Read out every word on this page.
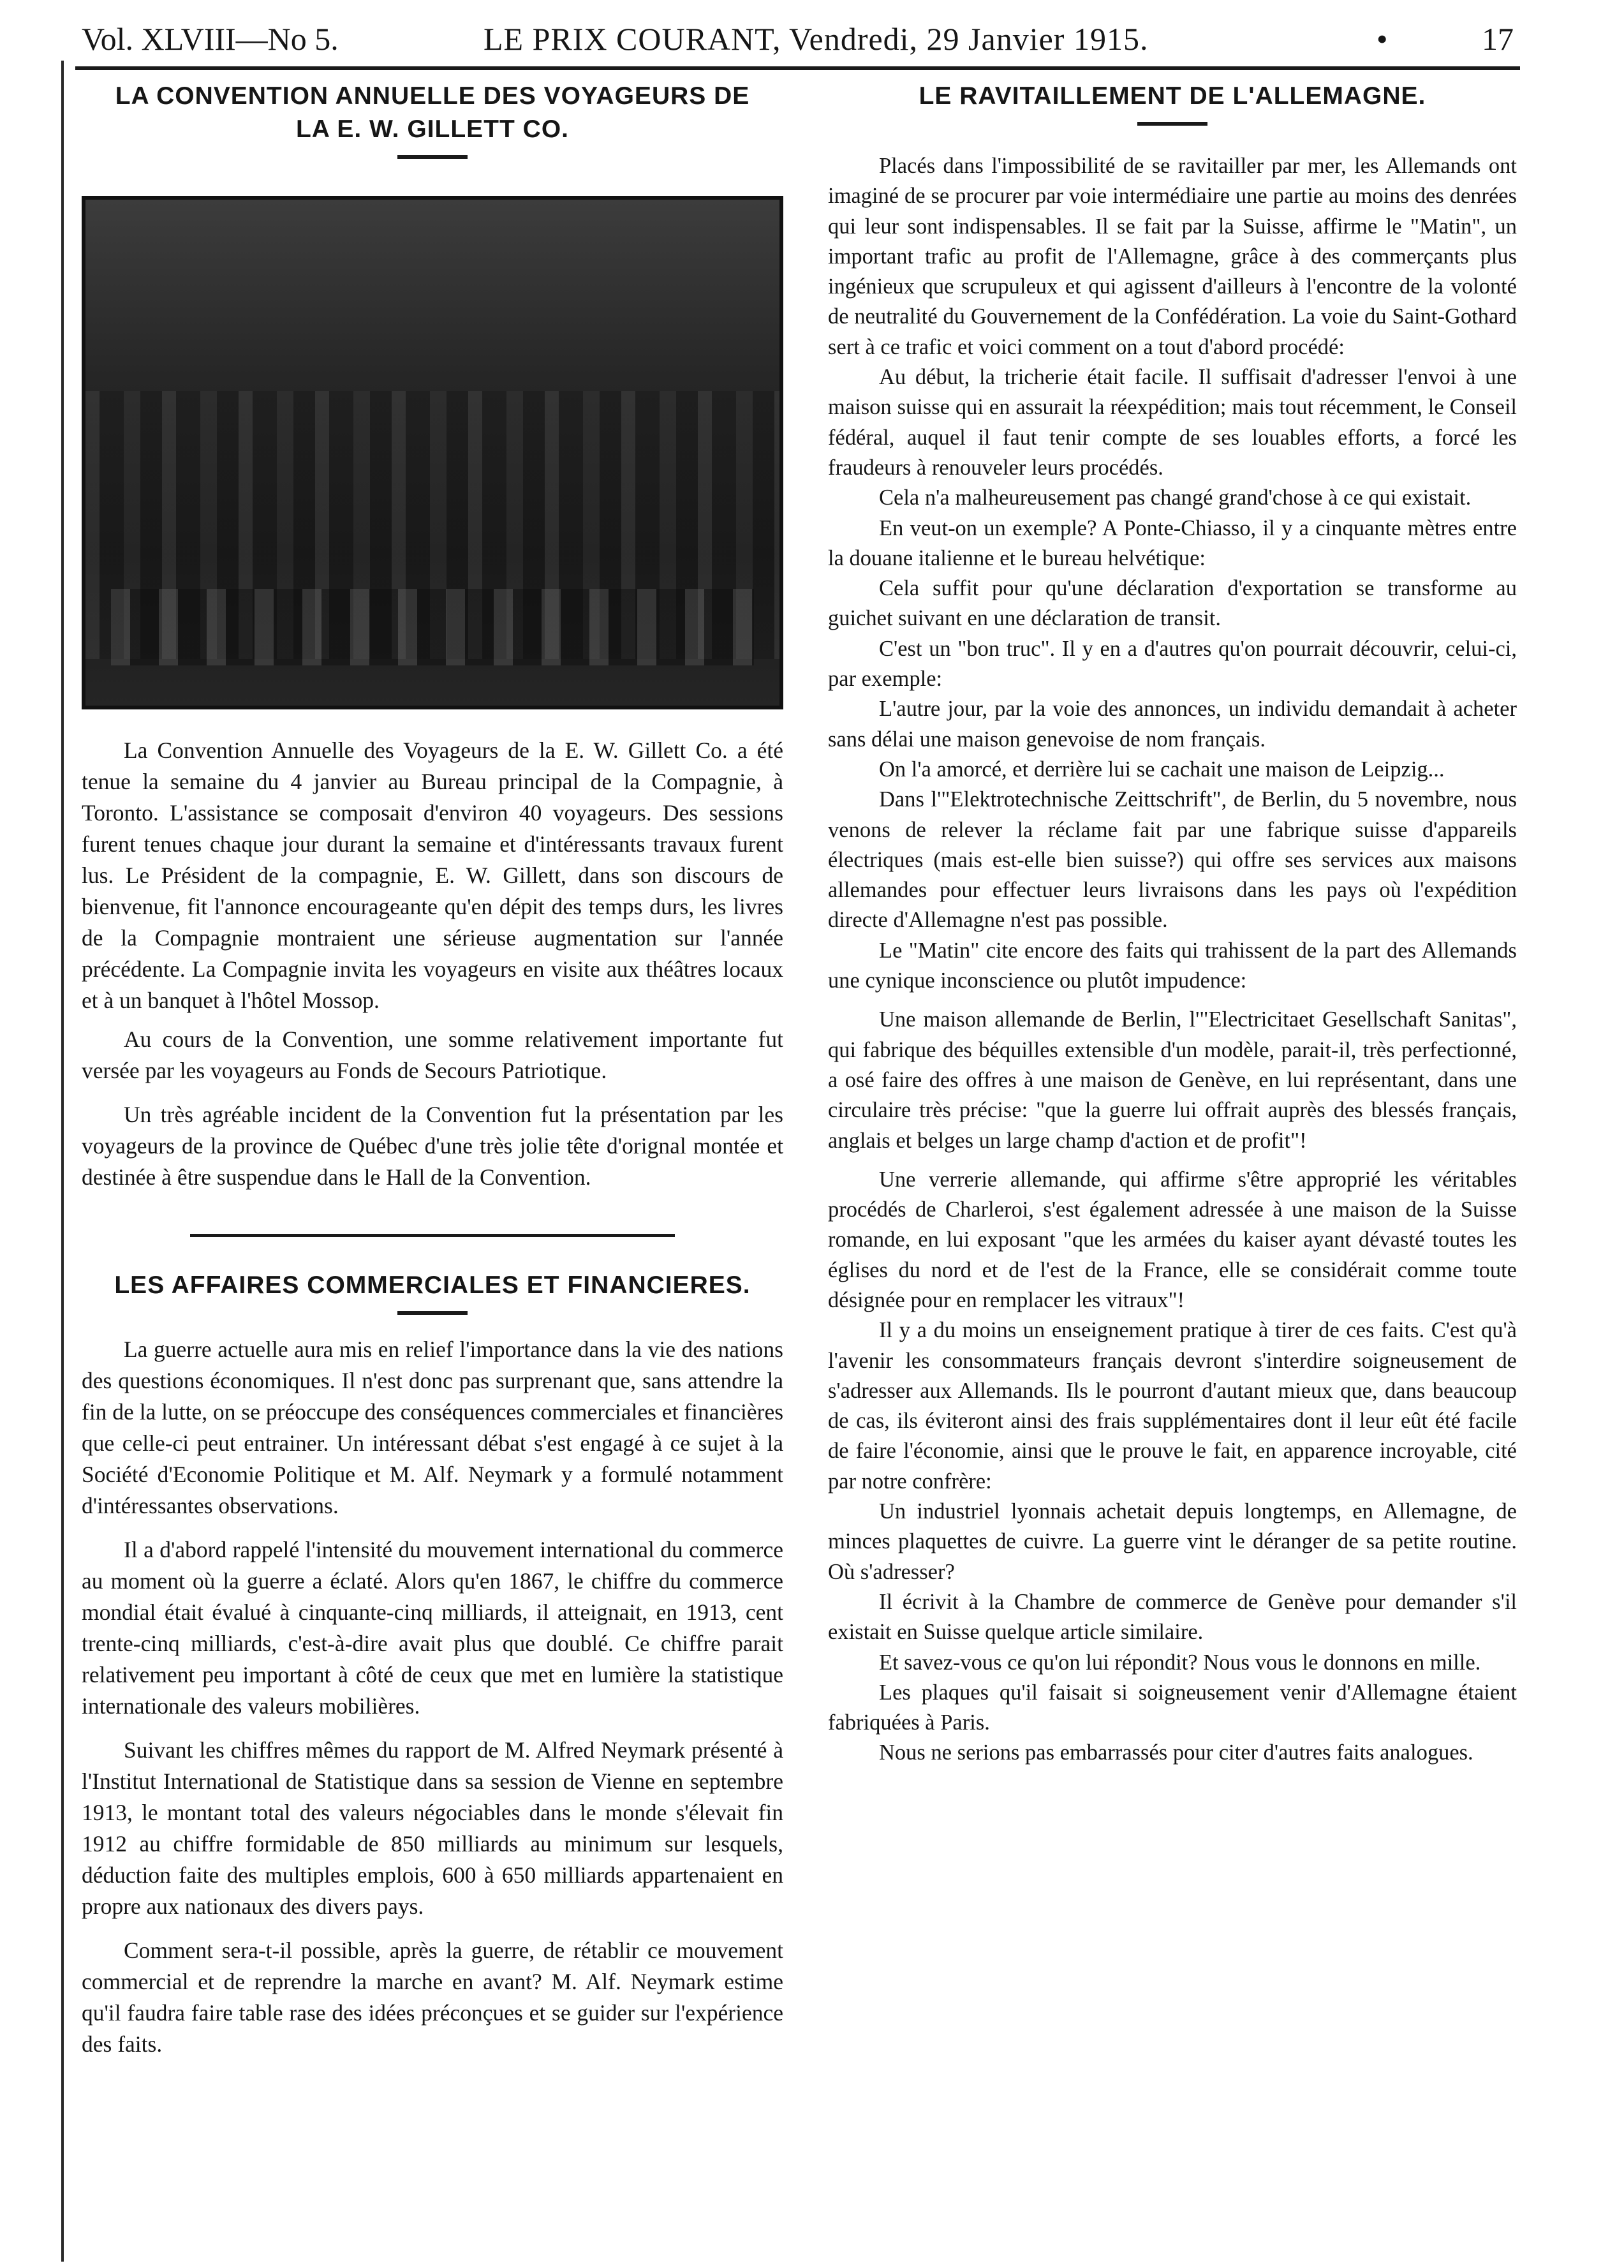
Vol. XLVIII—No 5.	LE PRIX COURANT, Vendredi, 29 Janvier 1915.	•	17
LA CONVENTION ANNUELLE DES VOYAGEURS DE
LA E. W. GILLETT CO.

La Convention Annuelle des Voyageurs de la E. W. Gillett Co. a été tenue la semaine du 4 janvier au Bureau principal de la Compagnie, à Toronto. L'assistance se composait d'environ 40 voyageurs. Des sessions furent tenues chaque jour durant la semaine et d'intéressants travaux furent lus. Le Président de la compagnie, E. W. Gillett, dans son discours de bienvenue, fit l'annonce encourageante qu'en dépit des temps durs, les livres de la Compagnie montraient une sérieuse augmentation sur l'année précédente. La Compagnie invita les voyageurs en visite aux théâtres locaux et à un banquet à l'hôtel Mossop.

Au cours de la Convention, une somme relativement importante fut versée par les voyageurs au Fonds de Secours Patriotique.

Un très agréable incident de la Convention fut la présentation par les voyageurs de la province de Québec d'une très jolie tête d'orignal montée et destinée à être suspendue dans le Hall de la Convention.

LES AFFAIRES COMMERCIALES ET FINANCIERES.

La guerre actuelle aura mis en relief l'importance dans la vie des nations des questions économiques. Il n'est donc pas surprenant que, sans attendre la fin de la lutte, on se préoccupe des conséquences commerciales et financières que celle-ci peut entrainer. Un intéressant débat s'est engagé à ce sujet à la Société d'Economie Politique et M. Alf. Neymark y a formulé notamment d'intéressantes observations.

Il a d'abord rappelé l'intensité du mouvement international du commerce au moment où la guerre a éclaté. Alors qu'en 1867, le chiffre du commerce mondial était évalué à cinquante-cinq milliards, il atteignait, en 1913, cent trente-cinq milliards, c'est-à-dire avait plus que doublé. Ce chiffre parait relativement peu important à côté de ceux que met en lumière la statistique internationale des valeurs mobilières.

Suivant les chiffres mêmes du rapport de M. Alfred Neymark présenté à l'Institut International de Statistique dans sa session de Vienne en septembre 1913, le montant total des valeurs négociables dans le monde s'élevait fin 1912 au chiffre formidable de 850 milliards au minimum sur lesquels, déduction faite des multiples emplois, 600 à 650 milliards appartenaient en propre aux nationaux des divers pays.

Comment sera-t-il possible, après la guerre, de rétablir ce mouvement commercial et de reprendre la marche en avant? M. Alf. Neymark estime qu'il faudra faire table rase des idées préconçues et se guider sur l'expérience des faits.

LE RAVITAILLEMENT DE L'ALLEMAGNE.

Placés dans l'impossibilité de se ravitailler par mer, les Allemands ont imaginé de se procurer par voie intermédiaire une partie au moins des denrées qui leur sont indispensables. Il se fait par la Suisse, affirme le "Matin", un important trafic au profit de l'Allemagne, grâce à des commerçants plus ingénieux que scrupuleux et qui agissent d'ailleurs à l'encontre de la volonté de neutralité du Gouvernement de la Confédération. La voie du Saint-Gothard sert à ce trafic et voici comment on a tout d'abord procédé:

Au début, la tricherie était facile. Il suffisait d'adresser l'envoi à une maison suisse qui en assurait la réexpédition; mais tout récemment, le Conseil fédéral, auquel il faut tenir compte de ses louables efforts, a forcé les fraudeurs à renouveler leurs procédés.

Cela n'a malheureusement pas changé grand'chose à ce qui existait.

En veut-on un exemple? A Ponte-Chiasso, il y a cinquante mètres entre la douane italienne et le bureau helvétique:

Cela suffit pour qu'une déclaration d'exportation se transforme au guichet suivant en une déclaration de transit.

C'est un "bon truc". Il y en a d'autres qu'on pourrait découvrir, celui-ci, par exemple:

L'autre jour, par la voie des annonces, un individu demandait à acheter sans délai une maison genevoise de nom français.

On l'a amorcé, et derrière lui se cachait une maison de Leipzig...

Dans l'"Elektrotechnische Zeittschrift", de Berlin, du 5 novembre, nous venons de relever la réclame fait par une fabrique suisse d'appareils électriques (mais est-elle bien suisse?) qui offre ses services aux maisons allemandes pour effectuer leurs livraisons dans les pays où l'expédition directe d'Allemagne n'est pas possible.

Le "Matin" cite encore des faits qui trahissent de la part des Allemands une cynique inconscience ou plutôt impudence:

Une maison allemande de Berlin, l'"Electricitaet Gesellschaft Sanitas", qui fabrique des béquilles extensible d'un modèle, parait-il, très perfectionné, a osé faire des offres à une maison de Genève, en lui représentant, dans une circulaire très précise: "que la guerre lui offrait auprès des blessés français, anglais et belges un large champ d'action et de profit"!

Une verrerie allemande, qui affirme s'être approprié les véritables procédés de Charleroi, s'est également adressée à une maison de la Suisse romande, en lui exposant "que les armées du kaiser ayant dévasté toutes les églises du nord et de l'est de la France, elle se considérait comme toute désignée pour en remplacer les vitraux"!

Il y a du moins un enseignement pratique à tirer de ces faits. C'est qu'à l'avenir les consommateurs français devront s'interdire soigneusement de s'adresser aux Allemands. Ils le pourront d'autant mieux que, dans beaucoup de cas, ils éviteront ainsi des frais supplémentaires dont il leur eût été facile de faire l'économie, ainsi que le prouve le fait, en apparence incroyable, cité par notre confrère:

Un industriel lyonnais achetait depuis longtemps, en Allemagne, de minces plaquettes de cuivre. La guerre vint le déranger de sa petite routine. Où s'adresser?

Il écrivit à la Chambre de commerce de Genève pour demander s'il existait en Suisse quelque article similaire.

Et savez-vous ce qu'on lui répondit? Nous vous le donnons en mille.

Les plaques qu'il faisait si soigneusement venir d'Allemagne étaient fabriquées à Paris.

Nous ne serions pas embarrassés pour citer d'autres faits analogues.
